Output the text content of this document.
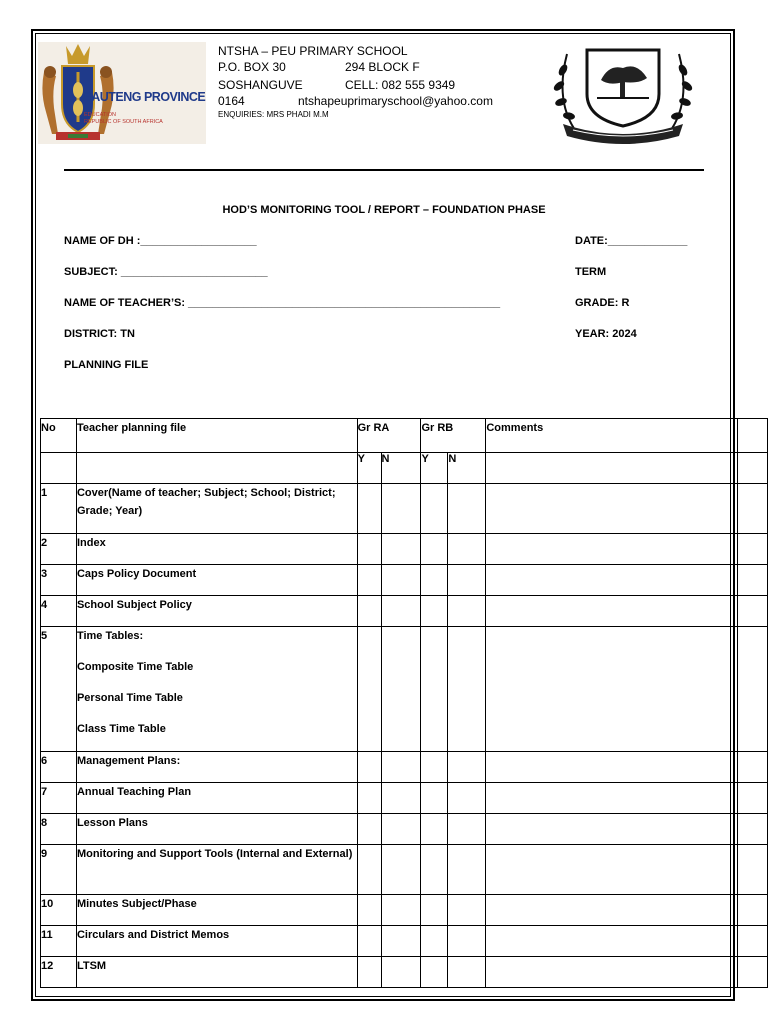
GAUTENG PROVINCE
EDUCATION
REPUBLIC OF SOUTH AFRICA
NTSHA – PEU PRIMARY SCHOOL
P.O. BOX 30	294 BLOCK F
SOSHANGUVE	CELL: 082 555 9349
0164	ntshapeuprimaryschool@yahoo.com
ENQUIRIES: MRS PHADI M.M
HOD’S MONITORING TOOL / REPORT – FOUNDATION PHASE
NAME OF DH :___________________	DATE:_____________
SUBJECT: ________________________	TERM
NAME OF TEACHER’S: ___________________________________________________	GRADE: R
DISTRICT: TN	YEAR: 2024
PLANNING FILE
No	Teacher planning file	Gr RA		Gr RB		Comments	
		Y	N	Y	N		
1	Cover(Name of teacher; Subject; School; District; Grade; Year)						

2	Index						

3	Caps Policy Document						

4	School Subject Policy						

5	Time Tables:
Composite Time Table
Personal Time Table
Class Time Table						

6	Management Plans:						

7	Annual Teaching Plan						

8	Lesson Plans						

9	Monitoring and Support Tools (Internal and External)						

10	Minutes Subject/Phase						

11	Circulars and District Memos						

12	LTSM						
